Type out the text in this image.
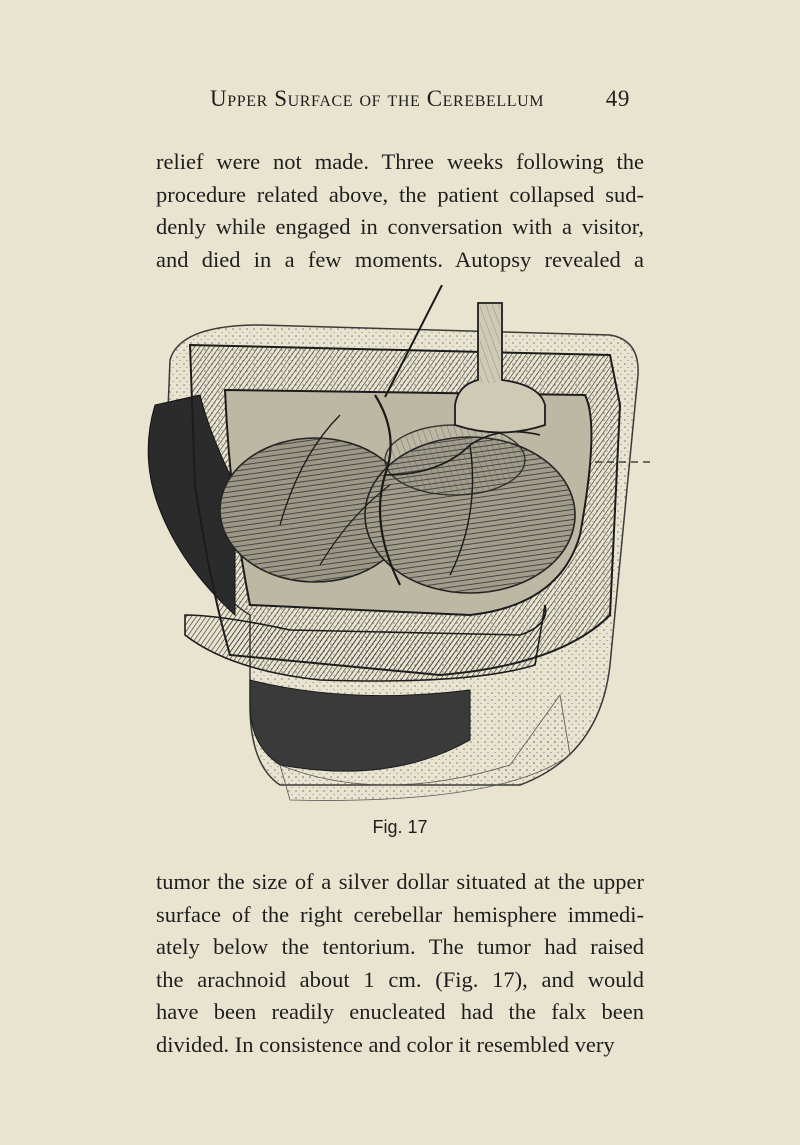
Upper Surface of the Cerebellum	49
relief were not made. Three weeks following the
procedure related above, the patient collapsed sud-
denly while engaged in conversation with a visitor,
and died in a few moments. Autopsy revealed a
Fig. 17
tumor the size of a silver dollar situated at the upper
surface of the right cerebellar hemisphere immedi-
ately below the tentorium. The tumor had raised
the arachnoid about 1 cm. (Fig. 17), and would
have been readily enucleated had the falx been
divided. In consistence and color it resembled very
